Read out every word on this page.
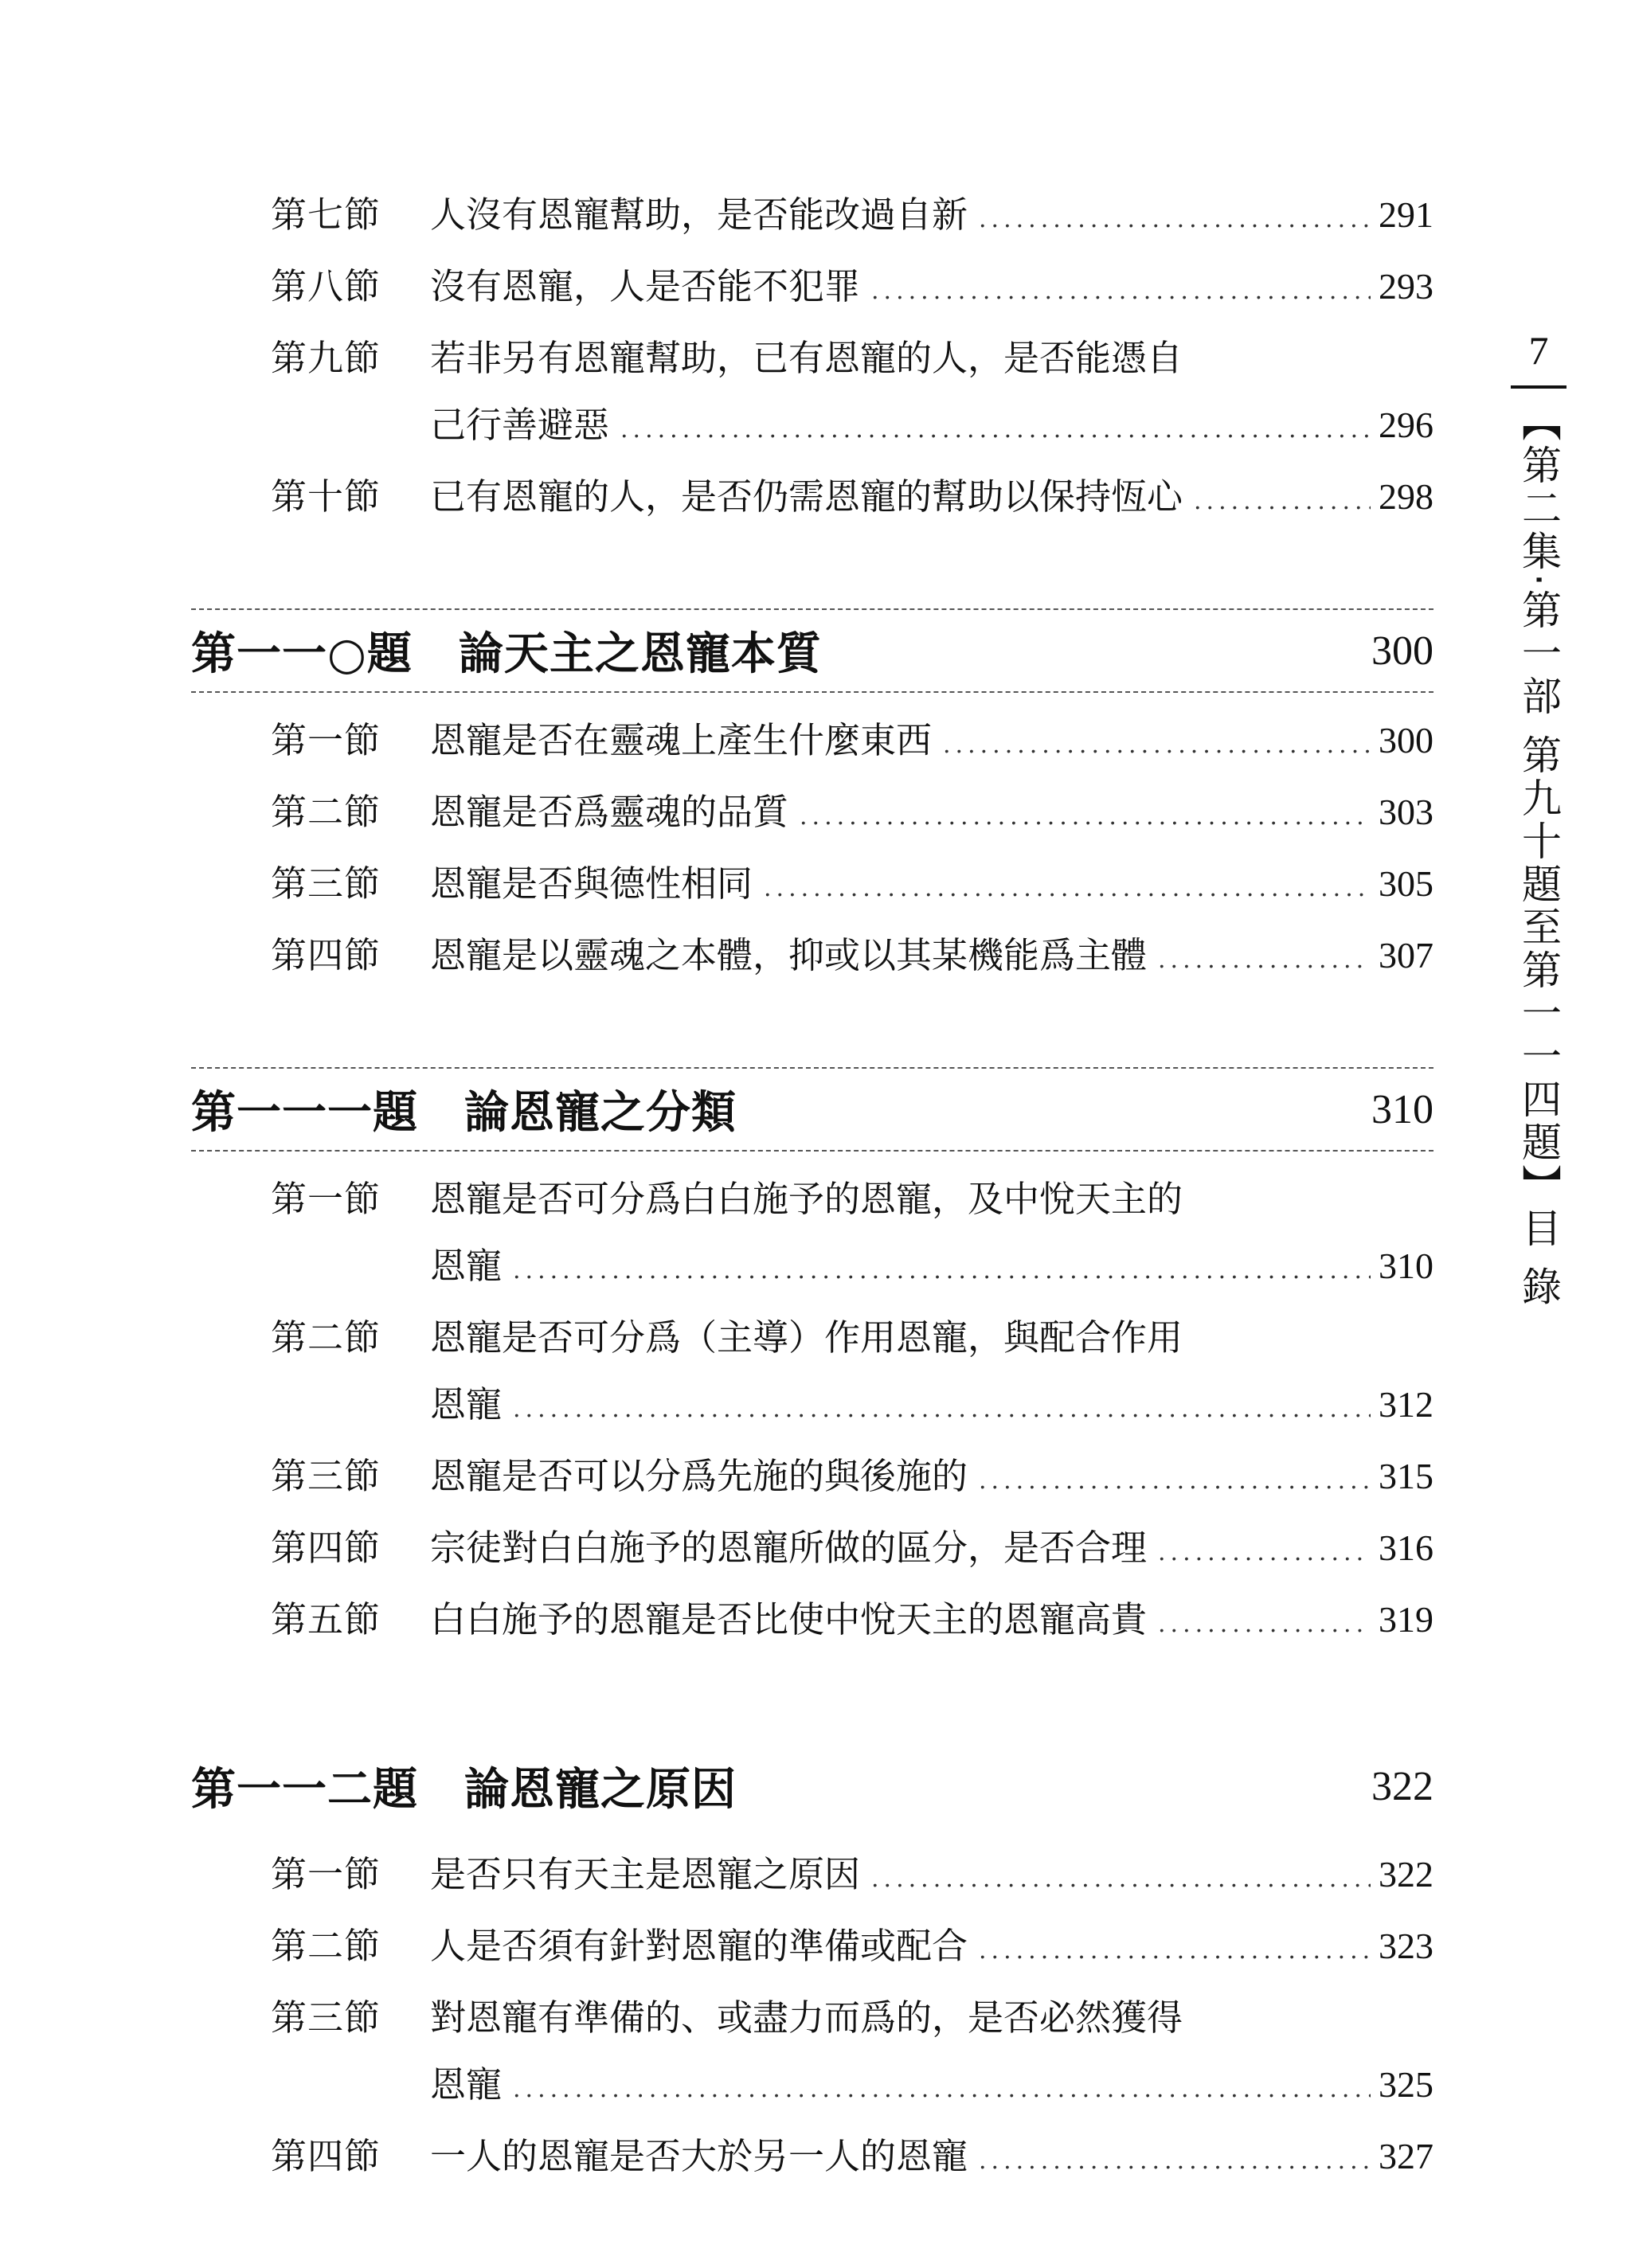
第七節	人沒有恩寵幫助，是否能改過自新 .....	291
第八節	沒有恩寵，人是否能不犯罪 .....	293
第九節	若非另有恩寵幫助，已有恩寵的人，是否能憑自
己行善避惡 .....	296
第十節	已有恩寵的人，是否仍需恩寵的幫助以保持恆心 .....	298
第一一○題 論天主之恩寵本質	300
第一節	恩寵是否在靈魂上產生什麼東西 .....	300
第二節	恩寵是否爲靈魂的品質 .....	303
第三節	恩寵是否與德性相同 .....	305
第四節	恩寵是以靈魂之本體，抑或以其某機能爲主體 .....	307
第一一一題 論恩寵之分類	310
第一節	恩寵是否可分爲白白施予的恩寵，及中悅天主的
恩寵 .....	310
第二節	恩寵是否可分爲（主導）作用恩寵，與配合作用
恩寵 .....	312
第三節	恩寵是否可以分爲先施的與後施的 .....	315
第四節	宗徒對白白施予的恩寵所做的區分，是否合理 .....	316
第五節	白白施予的恩寵是否比使中悅天主的恩寵高貴 .....	319
第一一二題 論恩寵之原因	322
第一節	是否只有天主是恩寵之原因 .....	322
第二節	人是否須有針對恩寵的準備或配合 .....	323
第三節	對恩寵有準備的、或盡力而爲的，是否必然獲得
恩寵 .....	325
第四節	一人的恩寵是否大於另一人的恩寵 .....	327
7
【第二集·第一部 第九十題至第一一四題】目 錄
